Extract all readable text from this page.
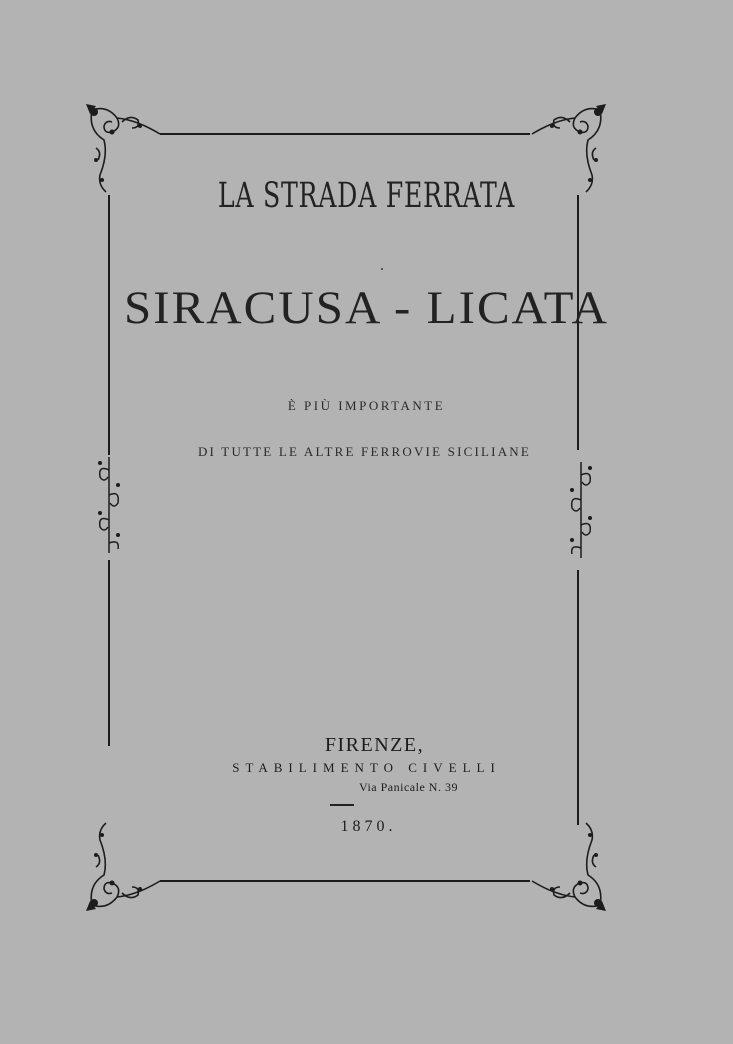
LA STRADA FERRATA
SIRACUSA - LICATA
È PIÙ IMPORTANTE
DI TUTTE LE ALTRE FERROVIE SICILIANE
FIRENZE,
STABILIMENTO CIVELLI
Via Panicale N. 39
1870.
